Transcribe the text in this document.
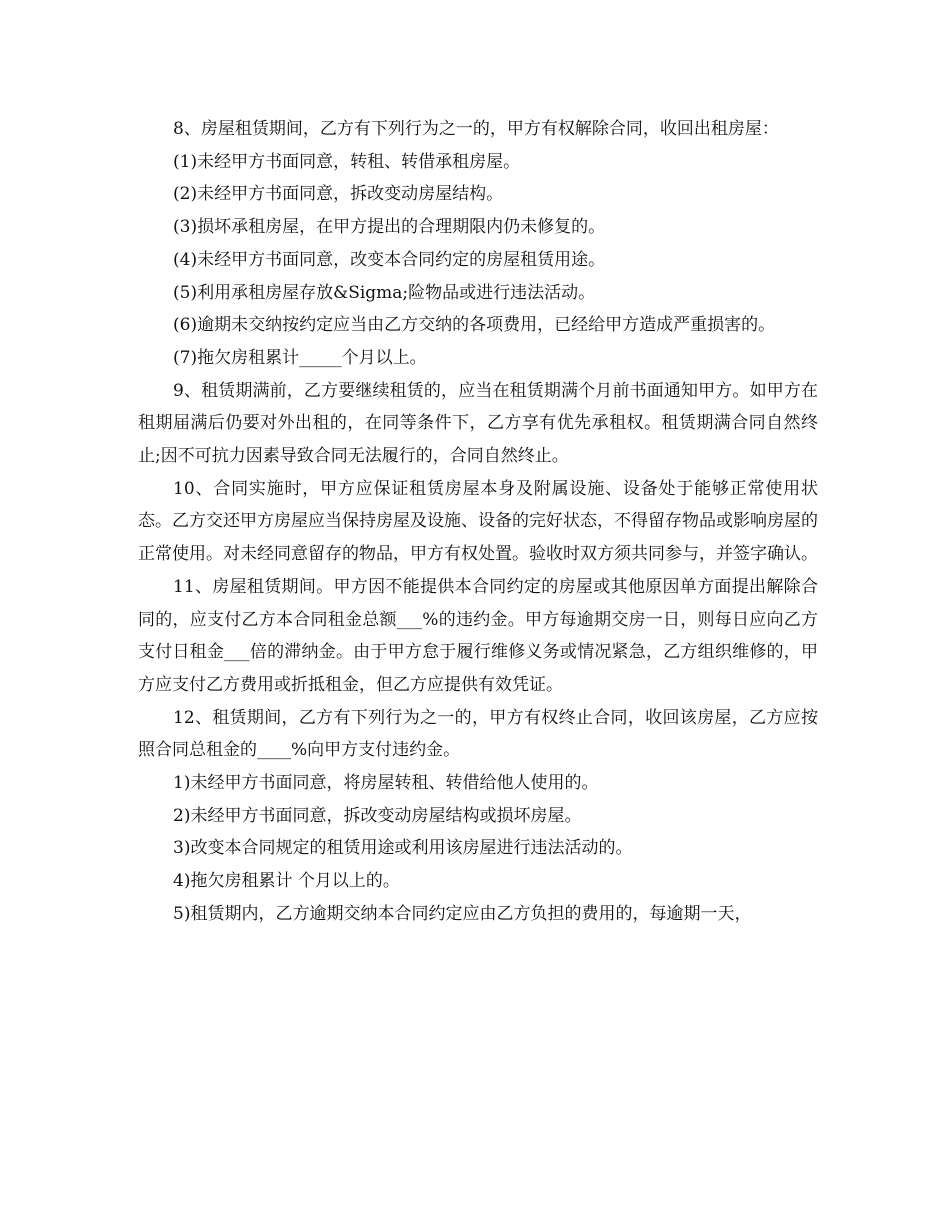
8、房屋租赁期间，乙方有下列行为之一的，甲方有权解除合同，收回出租房屋：

(1)未经甲方书面同意，转租、转借承租房屋。

(2)未经甲方书面同意，拆改变动房屋结构。

(3)损坏承租房屋，在甲方提出的合理期限内仍未修复的。

(4)未经甲方书面同意，改变本合同约定的房屋租赁用途。

(5)利用承租房屋存放&Sigma;险物品或进行违法活动。

(6)逾期未交纳按约定应当由乙方交纳的各项费用，已经给甲方造成严重损害的。

(7)拖欠房租累计_____个月以上。

9、租赁期满前，乙方要继续租赁的，应当在租赁期满个月前书面通知甲方。如甲方在租期届满后仍要对外出租的，在同等条件下，乙方享有优先承租权。租赁期满合同自然终止;因不可抗力因素导致合同无法履行的，合同自然终止。

10、合同实施时，甲方应保证租赁房屋本身及附属设施、设备处于能够正常使用状态。乙方交还甲方房屋应当保持房屋及设施、设备的完好状态，不得留存物品或影响房屋的正常使用。对未经同意留存的物品，甲方有权处置。验收时双方须共同参与，并签字确认。

11、房屋租赁期间。甲方因不能提供本合同约定的房屋或其他原因单方面提出解除合同的，应支付乙方本合同租金总额___%的违约金。甲方每逾期交房一日，则每日应向乙方支付日租金___倍的滞纳金。由于甲方怠于履行维修义务或情况紧急，乙方组织维修的，甲方应支付乙方费用或折抵租金，但乙方应提供有效凭证。

12、租赁期间，乙方有下列行为之一的，甲方有权终止合同，收回该房屋，乙方应按照合同总租金的____%向甲方支付违约金。

1)未经甲方书面同意，将房屋转租、转借给他人使用的。

2)未经甲方书面同意，拆改变动房屋结构或损坏房屋。

3)改变本合同规定的租赁用途或利用该房屋进行违法活动的。

4)拖欠房租累计 个月以上的。

5)租赁期内，乙方逾期交纳本合同约定应由乙方负担的费用的，每逾期一天，
